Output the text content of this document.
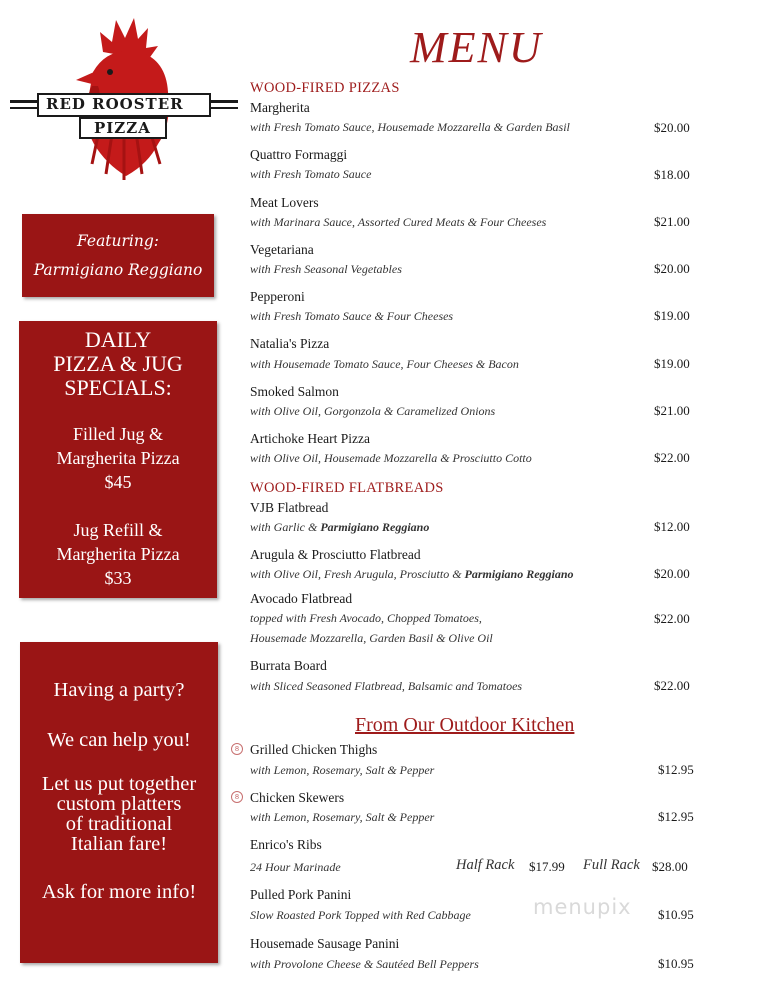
RED ROOSTER
PIZZA
MENU
Featuring:
Parmigiano Reggiano
DAILY
PIZZA & JUG
SPECIALS:
Filled Jug &
Margherita Pizza
$45
Jug Refill &
Margherita Pizza
$33
Having a party?
We can help you!
Let us put together
custom platters
of traditional
Italian fare!
Ask for more info!
WOOD-FIRED PIZZAS
Margherita
with Fresh Tomato Sauce, Housemade Mozzarella & Garden Basil	$20.00
Quattro Formaggi
with Fresh Tomato Sauce	$18.00
Meat Lovers
with Marinara Sauce, Assorted Cured Meats & Four Cheeses	$21.00
Vegetariana
with Fresh Seasonal Vegetables	$20.00
Pepperoni
with Fresh Tomato Sauce & Four Cheeses	$19.00
Natalia's Pizza
with Housemade Tomato Sauce, Four Cheeses & Bacon	$19.00
Smoked Salmon
with Olive Oil, Gorgonzola & Caramelized Onions	$21.00
Artichoke Heart Pizza
with Olive Oil, Housemade Mozzarella & Prosciutto Cotto	$22.00
WOOD-FIRED FLATBREADS
VJB Flatbread
with Garlic & Parmigiano Reggiano	$12.00
Arugula & Prosciutto Flatbread
with Olive Oil, Fresh Arugula, Prosciutto & Parmigiano Reggiano	$20.00
Avocado Flatbread
topped with Fresh Avocado, Chopped Tomatoes,
Housemade Mozzarella, Garden Basil & Olive Oil
$22.00
Burrata Board
with Sliced Seasoned Flatbread, Balsamic and Tomatoes	$22.00
From Our Outdoor Kitchen
8 Grilled Chicken Thighs
with Lemon, Rosemary, Salt & Pepper	$12.95
8 Chicken Skewers
with Lemon, Rosemary, Salt & Pepper	$12.95
Enrico's Ribs
24 Hour Marinade	Half Rack $17.99 Full Rack $28.00
Pulled Pork Panini
Slow Roasted Pork Topped with Red Cabbage	$10.95
Housemade Sausage Panini
with Provolone Cheese & Sautéed Bell Peppers	$10.95
menupix
